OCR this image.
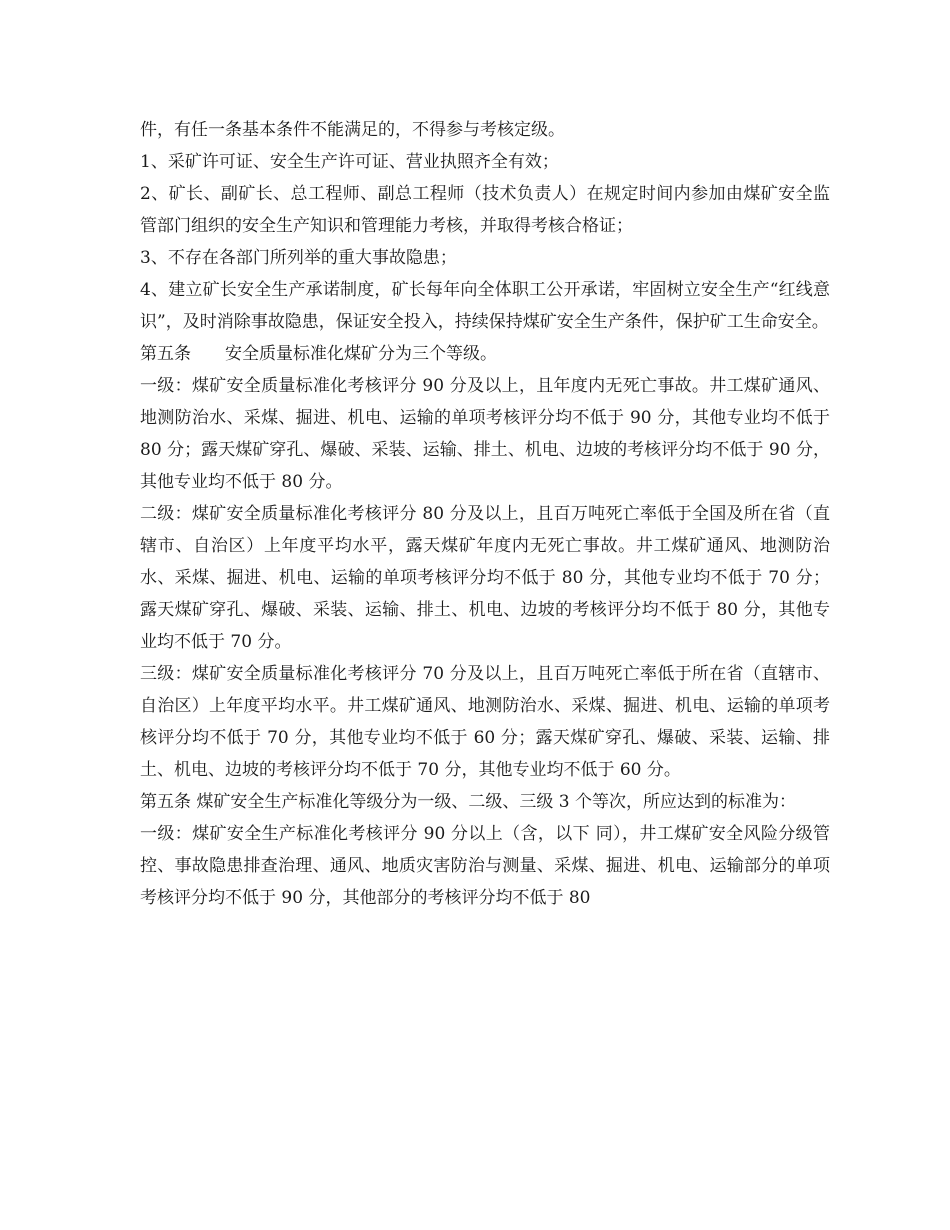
件，有任一条基本条件不能满足的，不得参与考核定级。

1、采矿许可证、安全生产许可证、营业执照齐全有效；

2、矿长、副矿长、总工程师、副总工程师（技术负责人）在规定时间内参加由煤矿安全监管部门组织的安全生产知识和管理能力考核，并取得考核合格证；

3、不存在各部门所列举的重大事故隐患；

4、建立矿长安全生产承诺制度，矿长每年向全体职工公开承诺，牢固树立安全生产“红线意识”，及时消除事故隐患，保证安全投入，持续保持煤矿安全生产条件，保护矿工生命安全。

第五条　　安全质量标准化煤矿分为三个等级。

一级：煤矿安全质量标准化考核评分 90 分及以上，且年度内无死亡事故。井工煤矿通风、地测防治水、采煤、掘进、机电、运输的单项考核评分均不低于 90 分，其他专业均不低于 80 分；露天煤矿穿孔、爆破、采装、运输、排土、机电、边坡的考核评分均不低于 90 分，其他专业均不低于 80 分。

二级：煤矿安全质量标准化考核评分 80 分及以上，且百万吨死亡率低于全国及所在省（直辖市、自治区）上年度平均水平，露天煤矿年度内无死亡事故。井工煤矿通风、地测防治水、采煤、掘进、机电、运输的单项考核评分均不低于 80 分，其他专业均不低于 70 分；露天煤矿穿孔、爆破、采装、运输、排土、机电、边坡的考核评分均不低于 80 分，其他专业均不低于 70 分。

三级：煤矿安全质量标准化考核评分 70 分及以上，且百万吨死亡率低于所在省（直辖市、自治区）上年度平均水平。井工煤矿通风、地测防治水、采煤、掘进、机电、运输的单项考核评分均不低于 70 分，其他专业均不低于 60 分；露天煤矿穿孔、爆破、采装、运输、排土、机电、边坡的考核评分均不低于 70 分，其他专业均不低于 60 分。

第五条 煤矿安全生产标准化等级分为一级、二级、三级 3 个等次，所应达到的标准为：

一级：煤矿安全生产标准化考核评分 90 分以上（含，以下 同），井工煤矿安全风险分级管控、事故隐患排查治理、通风、地质灾害防治与测量、采煤、掘进、机电、运输部分的单项考核评分均不低于 90 分，其他部分的考核评分均不低于 80
